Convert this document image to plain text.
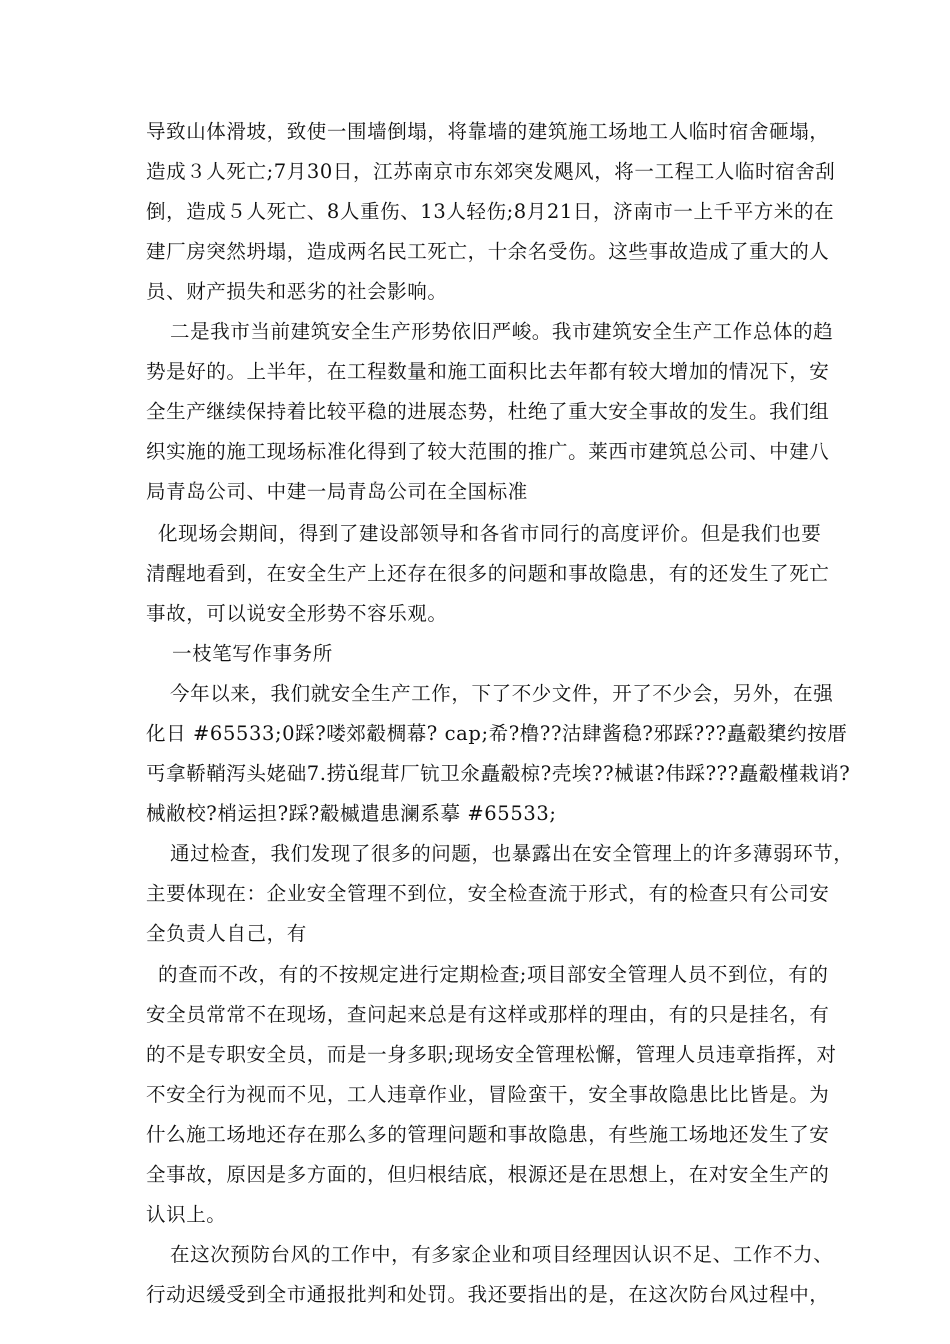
导致山体滑坡，致使一围墙倒塌，将靠墙的建筑施工场地工人临时宿舍砸塌，
造成３人死亡;7月30日，江苏南京市东郊突发飓风，将一工程工人临时宿舍刮
倒，造成５人死亡、8人重伤、13人轻伤;8月21日，济南市一上千平方米的在
建厂房突然坍塌，造成两名民工死亡，十余名受伤。这些事故造成了重大的人
员、财产损失和恶劣的社会影响。
二是我市当前建筑安全生产形势依旧严峻。我市建筑安全生产工作总体的趋
势是好的。上半年，在工程数量和施工面积比去年都有较大增加的情况下，安
全生产继续保持着比较平稳的进展态势，杜绝了重大安全事故的发生。我们组
织实施的施工现场标准化得到了较大范围的推广。莱西市建筑总公司、中建八
局青岛公司、中建一局青岛公司在全国标准
化现场会期间，得到了建设部领导和各省市同行的高度评价。但是我们也要
清醒地看到，在安全生产上还存在很多的问题和事故隐患，有的还发生了死亡
事故，可以说安全形势不容乐观。
一枝笔写作事务所
今年以来，我们就安全生产工作，下了不少文件，开了不少会，另外，在强
化日 #65533;0踩?喽郊觳椆幕? cap;希?橹??沽肆酱稳?邪踩???矗觳橥约按厝
丐拿鞒鞘泻头姥础7.捞ǔ绲茸厂钪卫氽矗觳椋?壳埃??械谌?伟踩???矗觳槿栽诮?
械敝校?梢运担?踩?觳槭遣患澜系摹 #65533;
通过检查，我们发现了很多的问题，也暴露出在安全管理上的许多薄弱环节，
主要体现在：企业安全管理不到位，安全检查流于形式，有的检查只有公司安
全负责人自己，有
的查而不改，有的不按规定进行定期检查;项目部安全管理人员不到位，有的
安全员常常不在现场，查问起来总是有这样或那样的理由，有的只是挂名，有
的不是专职安全员，而是一身多职;现场安全管理松懈，管理人员违章指挥，对
不安全行为视而不见，工人违章作业，冒险蛮干，安全事故隐患比比皆是。为
什么施工场地还存在那么多的管理问题和事故隐患，有些施工场地还发生了安
全事故，原因是多方面的，但归根结底，根源还是在思想上，在对安全生产的
认识上。
在这次预防台风的工作中，有多家企业和项目经理因认识不足、工作不力、
行动迟缓受到全市通报批判和处罚。我还要指出的是，在这次防台风过程中，
